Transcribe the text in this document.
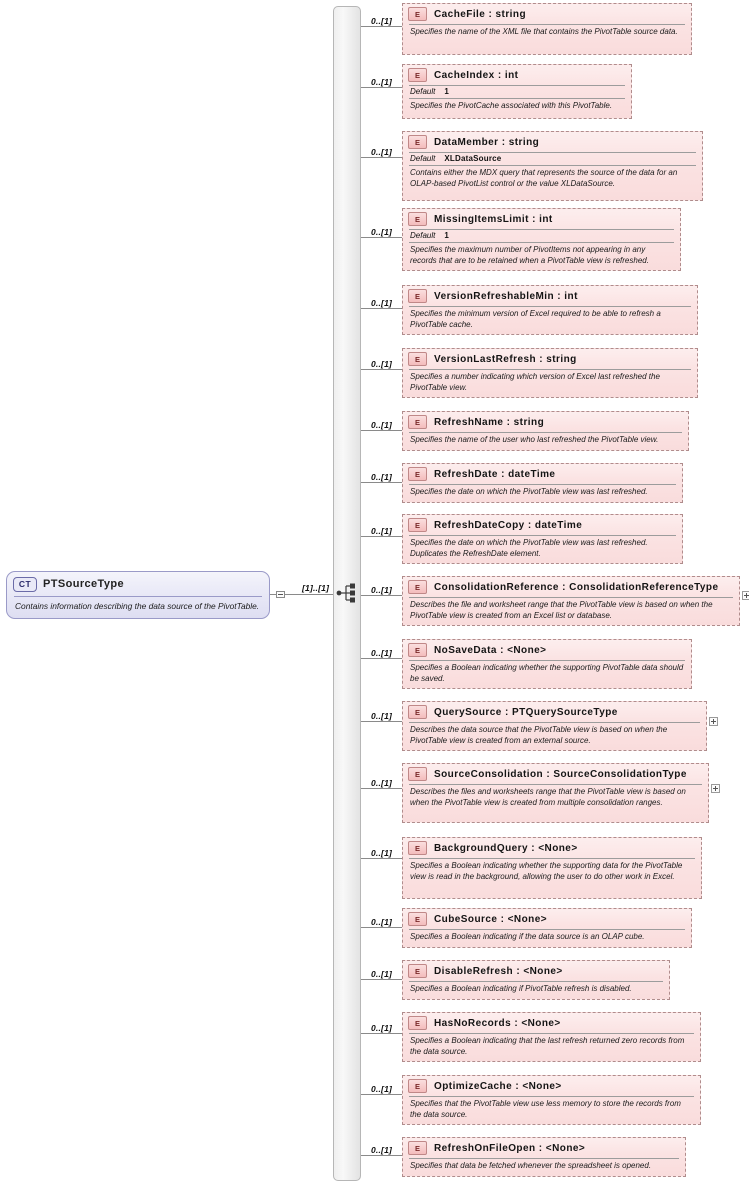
CT	PTSourceType
Contains information describing the data source of the PivotTable.
[1]..[1]
0..[1]
E	CacheFile : string
Specifies the name of the XML file that contains the PivotTable source data.
0..[1]
E	CacheIndex : int
Default 1
Specifies the PivotCache associated with this PivotTable.
0..[1]
E	DataMember : string
Default XLDataSource
Contains either the MDX query that represents the source of the data for an OLAP-based PivotList control or the value XLDataSource.
0..[1]
E	MissingItemsLimit : int
Default 1
Specifies the maximum number of PivotItems not appearing in any records that are to be retained when a PivotTable view is refreshed.
0..[1]
E	VersionRefreshableMin : int
Specifies the minimum version of Excel required to be able to refresh a PivotTable cache.
0..[1]	E	VersionLastRefresh : string
Specifies a number indicating which version of Excel last refreshed the PivotTable view.
0..[1]	E	RefreshName : string
Specifies the name of the user who last refreshed the PivotTable view.
0..[1]	E	RefreshDate : dateTime
Specifies the date on which the PivotTable view was last refreshed.
0..[1]
E	RefreshDateCopy : dateTime
Specifies the date on which the PivotTable view was last refreshed. Duplicates the RefreshDate element.
0..[1]	E	ConsolidationReference : ConsolidationReferenceType
Describes the file and worksheet range that the PivotTable view is based on when the PivotTable view is created from an Excel list or database.
0..[1]	E	NoSaveData : <None>
Specifies a Boolean indicating whether the supporting PivotTable data should be saved.
0..[1]	E	QuerySource : PTQuerySourceType
Describes the data source that the PivotTable view is based on when the PivotTable view is created from an external source.
0..[1]
E	SourceConsolidation : SourceConsolidationType
Describes the files and worksheets range that the PivotTable view is based on when the PivotTable view is created from multiple consolidation ranges.
0..[1]	E	BackgroundQuery : <None>
Specifies a Boolean indicating whether the supporting data for the PivotTable view is read in the background, allowing the user to do other work in Excel.
0..[1]	E	CubeSource : <None>
Specifies a Boolean indicating if the data source is an OLAP cube.
0..[1]	E	DisableRefresh : <None>
Specifies a Boolean indicating if PivotTable refresh is disabled.
0..[1]	E	HasNoRecords : <None>
Specifies a Boolean indicating that the last refresh returned zero records from the data source.
0..[1]	E	OptimizeCache : <None>
Specifies that the PivotTable view use less memory to store the records from the data source.
0..[1]	E	RefreshOnFileOpen : <None>
Specifies that data be fetched whenever the spreadsheet is opened.
